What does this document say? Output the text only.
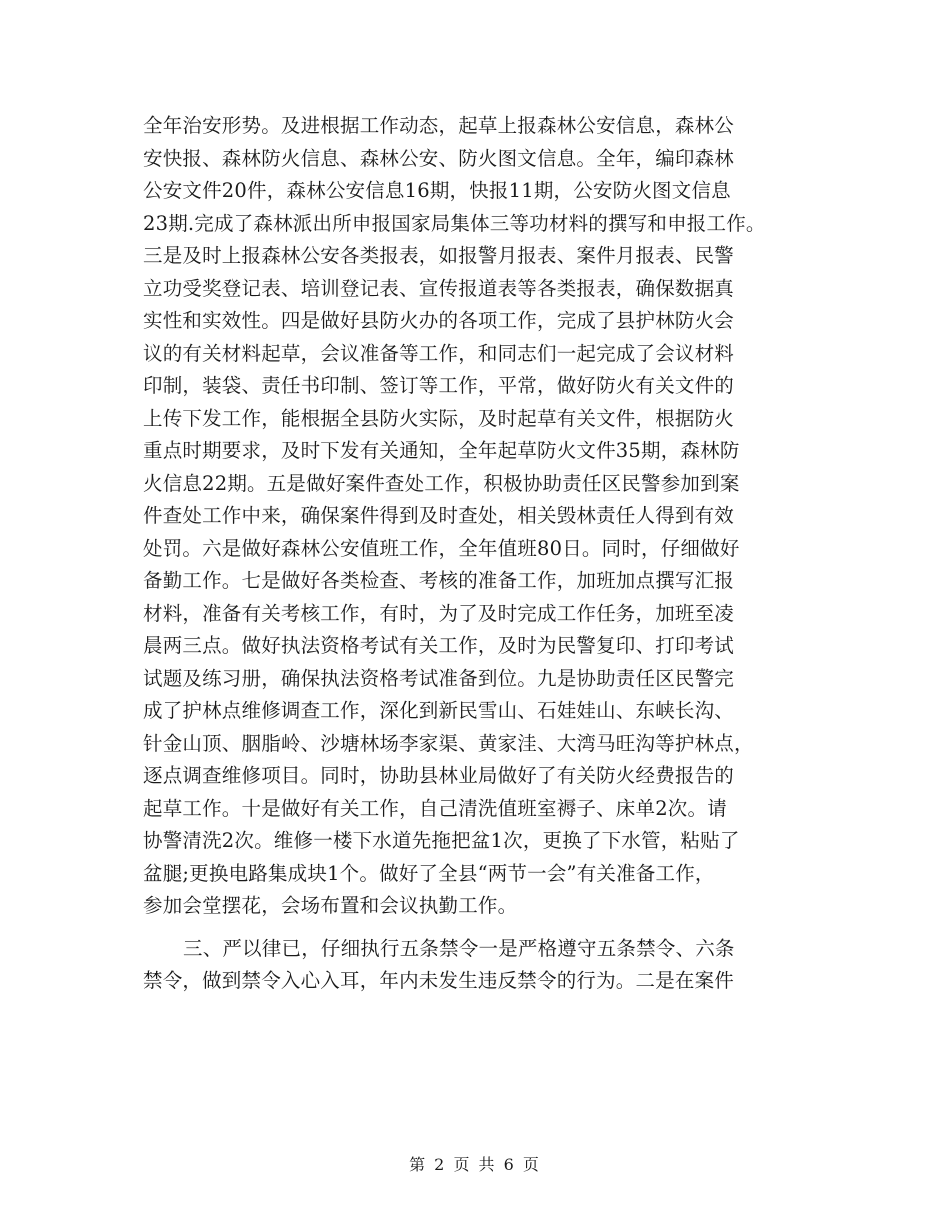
全年治安形势。及进根据工作动态，起草上报森林公安信息，森林公
安快报、森林防火信息、森林公安、防火图文信息。全年，编印森林
公安文件20件，森林公安信息16期，快报11期，公安防火图文信息
23期.完成了森林派出所申报国家局集体三等功材料的撰写和申报工作。
三是及时上报森林公安各类报表，如报警月报表、案件月报表、民警
立功受奖登记表、培训登记表、宣传报道表等各类报表，确保数据真
实性和实效性。四是做好县防火办的各项工作，完成了县护林防火会
议的有关材料起草，会议准备等工作，和同志们一起完成了会议材料
印制，装袋、责任书印制、签订等工作，平常，做好防火有关文件的
上传下发工作，能根据全县防火实际，及时起草有关文件，根据防火
重点时期要求，及时下发有关通知，全年起草防火文件35期，森林防
火信息22期。五是做好案件查处工作，积极协助责任区民警参加到案
件查处工作中来，确保案件得到及时查处，相关毁林责任人得到有效
处罚。六是做好森林公安值班工作，全年值班80日。同时，仔细做好
备勤工作。七是做好各类检查、考核的准备工作，加班加点撰写汇报
材料，准备有关考核工作，有时，为了及时完成工作任务，加班至凌
晨两三点。做好执法资格考试有关工作，及时为民警复印、打印考试
试题及练习册，确保执法资格考试准备到位。九是协助责任区民警完
成了护林点维修调查工作，深化到新民雪山、石娃娃山、东峡长沟、
针金山顶、胭脂岭、沙塘林场李家渠、黄家洼、大湾马旺沟等护林点，
逐点调查维修项目。同时，协助县林业局做好了有关防火经费报告的
起草工作。十是做好有关工作，自己清洗值班室褥子、床单2次。请
协警清洗2次。维修一楼下水道先拖把盆1次，更换了下水管，粘贴了
盆腿;更换电路集成块1个。做好了全县“两节一会”有关准备工作，
参加会堂摆花，会场布置和会议执勤工作。
三、严以律已，仔细执行五条禁令一是严格遵守五条禁令、六条
禁令，做到禁令入心入耳，年内未发生违反禁令的行为。二是在案件
第 2 页 共 6 页
